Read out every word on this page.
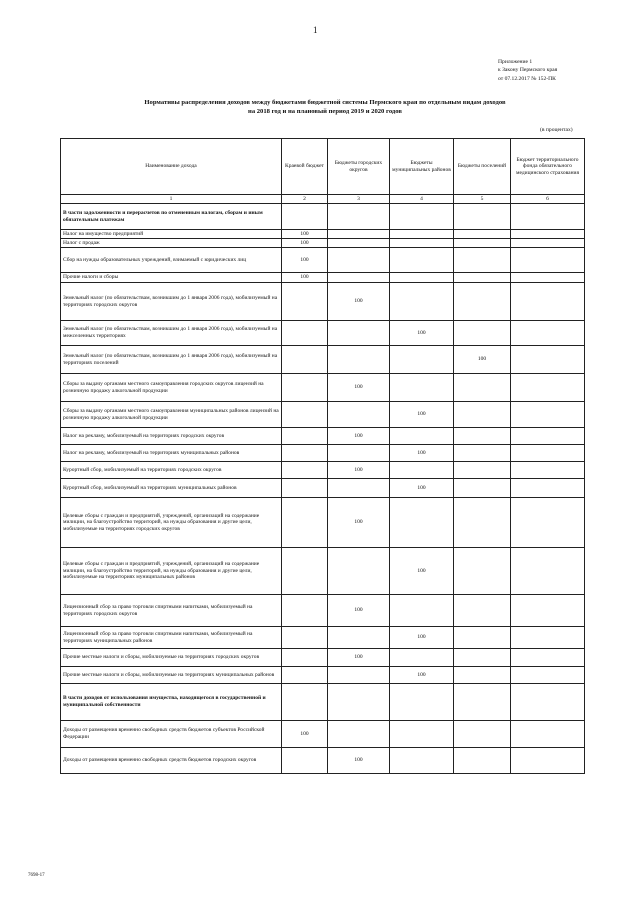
1
Приложение 1
к Закону Пермского края
от 07.12.2017 № 152-ПК
Нормативы распределения доходов между бюджетами бюджетной системы Пермского края по отдельным видам доходов
на 2018 год и на плановый период 2019 и 2020 годов
(в процентах)
Наименование дохода	Краевой бюджет	Бюджеты городских округов	Бюджеты муниципальных районов	Бюджеты поселений	Бюджет территориального фонда обязательного медицинского страхования
1	2	3	4	5	6
В части задолженности и перерасчетов по отмененным налогам, сборам и иным обязательным платежам					
Налог на имущество предприятий	100				
Налог с продаж	100				
Сбор на нужды образовательных учреждений, взимаемый с юридических лиц	100				
Прочие налоги и сборы	100				
Земельный налог (по обязательствам, возникшим до 1 января 2006 года), мобилизуемый на территориях городских округов		100			
Земельный налог (по обязательствам, возникшим до 1 января 2006 года), мобилизуемый на межселенных территориях			100		
Земельный налог (по обязательствам, возникшим до 1 января 2006 года), мобилизуемый на территориях поселений				100	
Сборы за выдачу органами местного самоуправления городских округов лицензий на розничную продажу алкогольной продукции		100			
Сборы за выдачу органами местного самоуправления муниципальных районов лицензий на розничную продажу алкогольной продукции			100		
Налог на рекламу, мобилизуемый на территориях городских округов		100			
Налог на рекламу, мобилизуемый на территориях муниципальных районов			100		
Курортный сбор, мобилизуемый на территориях городских округов		100			
Курортный сбор, мобилизуемый на территориях муниципальных районов			100		
Целевые сборы с граждан и предприятий, учреждений, организаций на содержание милиции, на благоустройство территорий, на нужды образования и другие цели, мобилизуемые на территориях городских округов		100			
Целевые сборы с граждан и предприятий, учреждений, организаций на содержание милиции, на благоустройство территорий, на нужды образования и другие цели, мобилизуемые на территориях муниципальных районов			100		
Лицензионный сбор за право торговли спиртными напитками, мобилизуемый на территориях городских округов		100			
Лицензионный сбор за право торговли спиртными напитками, мобилизуемый на территориях муниципальных районов			100		
Прочие местные налоги и сборы, мобилизуемые на территориях городских округов		100			
Прочие местные налоги и сборы, мобилизуемые на территориях муниципальных районов			100		
В части доходов от использования имущества, находящегося в государственной и муниципальной собственности					
Доходы от размещения временно свободных средств бюджетов субъектов Российской Федерации	100				
Доходы от размещения временно свободных средств бюджетов городских округов		100			
7698-17
